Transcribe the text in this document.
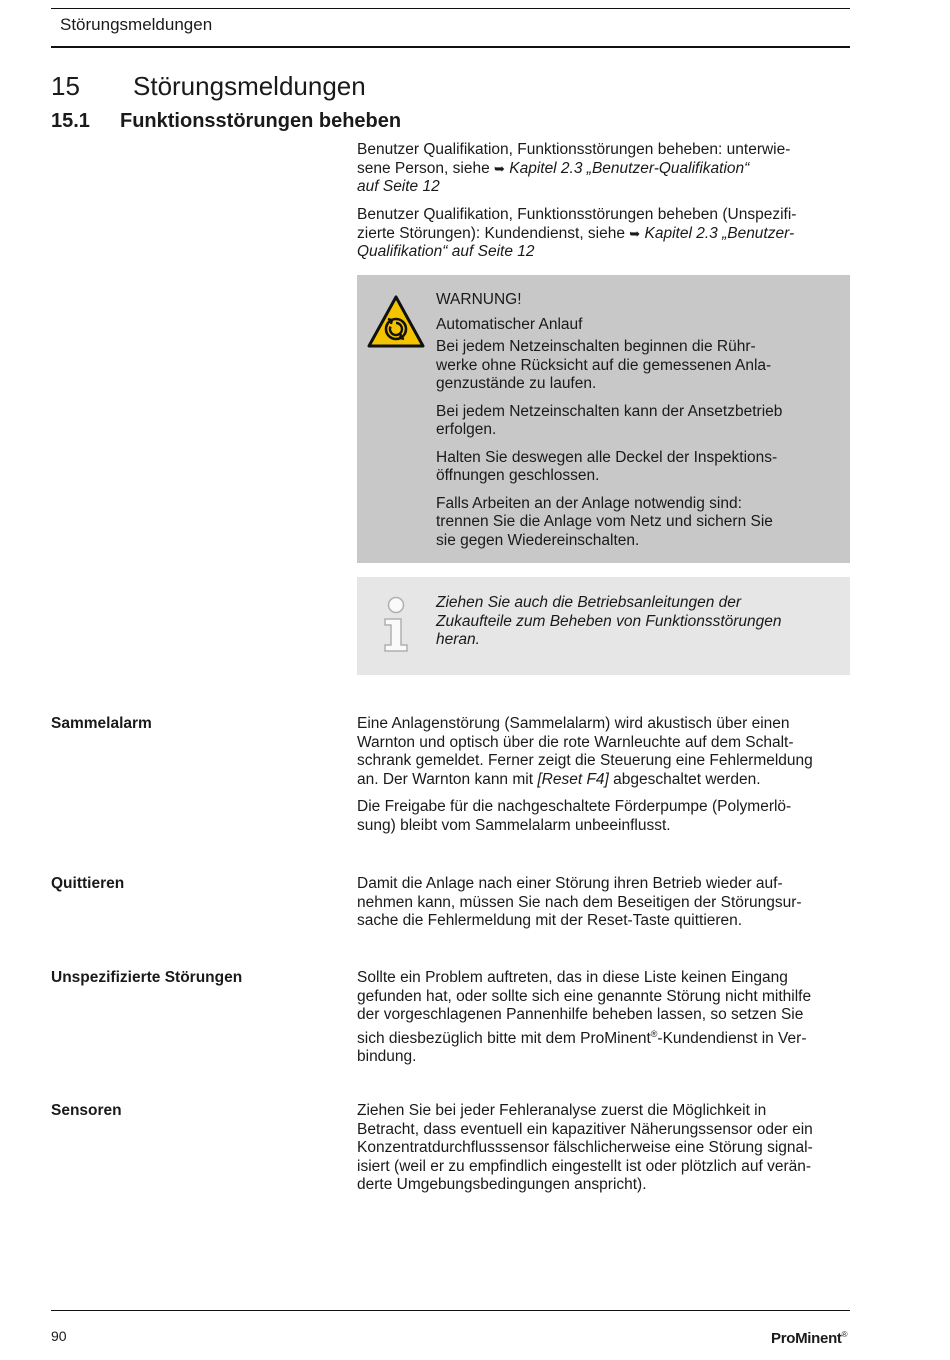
Störungsmeldungen
15 Störungsmeldungen
15.1 Funktionsstörungen beheben
Benutzer Qualifikation, Funktionsstörungen beheben: unterwie-
sene Person, siehe ➥ Kapitel 2.3 „Benutzer-Qualifikation“
auf Seite 12
Benutzer Qualifikation, Funktionsstörungen beheben (Unspezifi-
zierte Störungen): Kundendienst, siehe ➥ Kapitel 2.3 „Benutzer-
Qualifikation“ auf Seite 12
WARNUNG!
Automatischer Anlauf
Bei jedem Netzeinschalten beginnen die Rühr-
werke ohne Rücksicht auf die gemessenen Anla-
genzustände zu laufen.
Bei jedem Netzeinschalten kann der Ansetzbetrieb
erfolgen.
Halten Sie deswegen alle Deckel der Inspektions-
öffnungen geschlossen.
Falls Arbeiten an der Anlage notwendig sind:
trennen Sie die Anlage vom Netz und sichern Sie
sie gegen Wiedereinschalten.
Ziehen Sie auch die Betriebsanleitungen der
Zukaufteile zum Beheben von Funktionsstörungen
heran.
Sammelalarm	Eine Anlagenstörung (Sammelalarm) wird akustisch über einen
Warnton und optisch über die rote Warnleuchte auf dem Schalt-
schrank gemeldet. Ferner zeigt die Steuerung eine Fehlermeldung
an. Der Warnton kann mit [Reset F4] abgeschaltet werden.
Die Freigabe für die nachgeschaltete Förderpumpe (Polymerlö-
sung) bleibt vom Sammelalarm unbeeinflusst.
Quittieren	Damit die Anlage nach einer Störung ihren Betrieb wieder auf-
nehmen kann, müssen Sie nach dem Beseitigen der Störungsur-
sache die Fehlermeldung mit der Reset-Taste quittieren.
Unspezifizierte Störungen	Sollte ein Problem auftreten, das in diese Liste keinen Eingang
gefunden hat, oder sollte sich eine genannte Störung nicht mithilfe
der vorgeschlagenen Pannenhilfe beheben lassen, so setzen Sie
sich diesbezüglich bitte mit dem ProMinent®-Kundendienst in Ver-
bindung.
Sensoren	Ziehen Sie bei jeder Fehleranalyse zuerst die Möglichkeit in
Betracht, dass eventuell ein kapazitiver Näherungssensor oder ein
Konzentratdurchflusssensor fälschlicherweise eine Störung signal-
isiert (weil er zu empfindlich eingestellt ist oder plötzlich auf verän-
derte Umgebungsbedingungen anspricht).
90	ProMinent®
